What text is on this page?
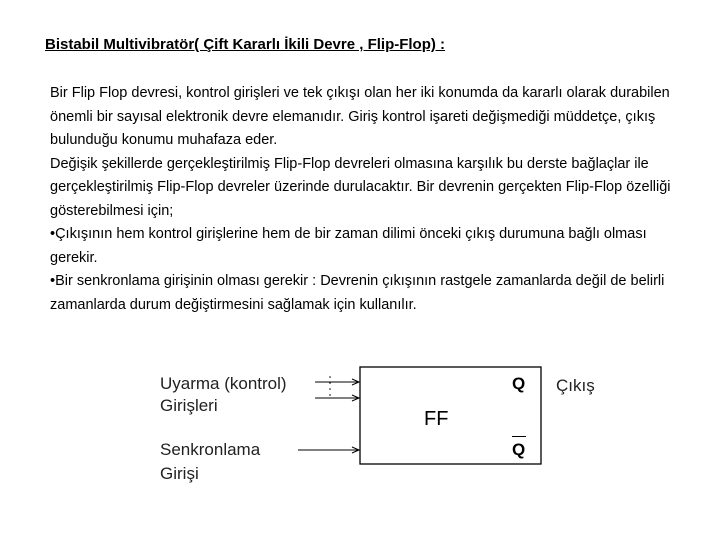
Bistabil Multivibratör( Çift Kararlı İkili Devre , Flip-Flop) :

Bir Flip Flop devresi, kontrol girişleri ve tek çıkışı olan her iki konumda da kararlı olarak durabilen önemli bir sayısal elektronik devre elemanıdır. Giriş kontrol işareti değişmediği müddetçe, çıkış bulunduğu konumu muhafaza eder.

Değişik şekillerde gerçekleştirilmiş Flip-Flop devreleri olmasına karşılık bu derste bağlaçlar ile gerçekleştirilmiş Flip-Flop devreler üzerinde durulacaktır. Bir devrenin gerçekten Flip-Flop özelliği gösterebilmesi için;

•Çıkışının hem kontrol girişlerine hem de bir zaman dilimi önceki çıkış durumuna bağlı olması gerekir.

•Bir senkronlama girişinin olması gerekir : Devrenin çıkışının rastgele zamanlarda değil de belirli zamanlarda durum değiştirmesini sağlamak için kullanılır.

Uyarma (kontrol)
Girişleri
Senkronlama
Girişi
FF
Q
Q
Çıkış
